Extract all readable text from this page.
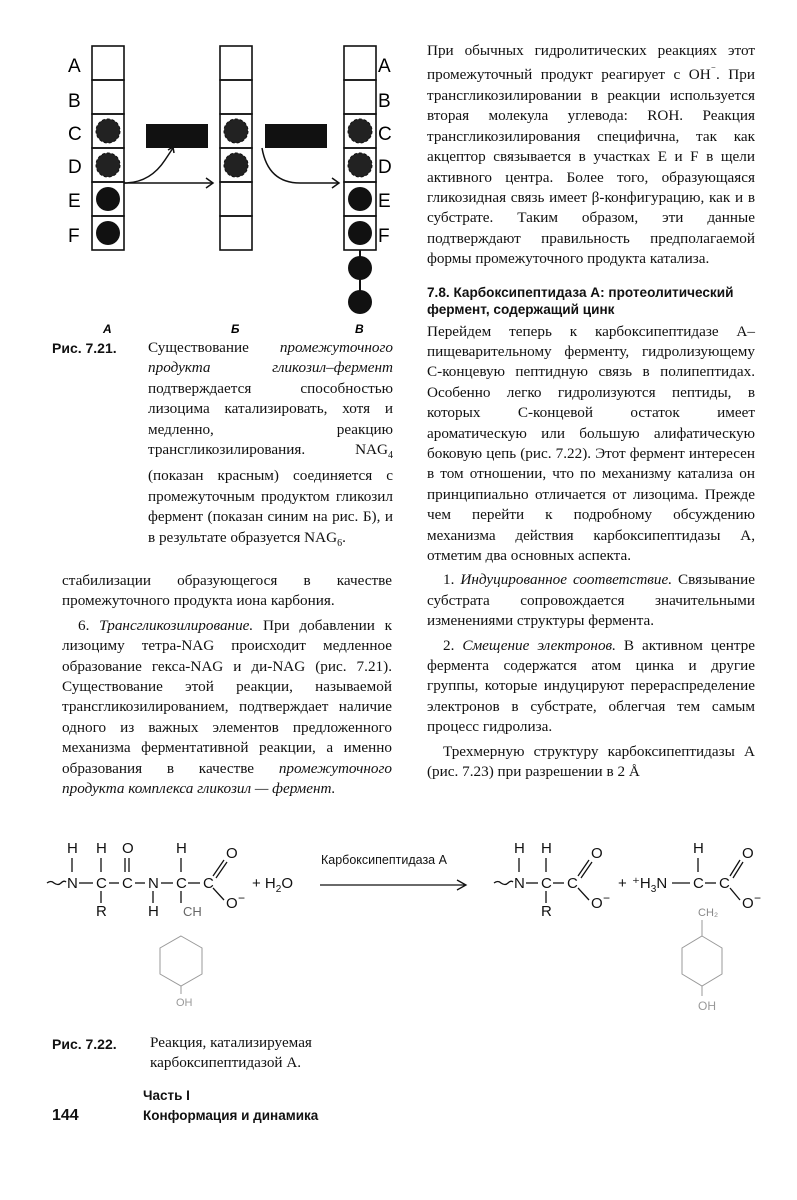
A
B
C
D
E
F
A
B
C
D
E
F
A	Б	В
Рис. 7.21. Существование промежуточного продукта гликозил–фермент подтверждается способностью лизоцима катализировать, хотя и медленно, реакцию трансгликозилирования. $NAG_4$ (показан красным) соединяется с промежуточным продуктом гликозил фермент (показан синим на рис. Б), и в результате образуется $NAG_6$.

стабилизации образующегося в качестве промежуточного продукта иона карбония.

6. Трансгликозилирование. При добавлении к лизоциму тетра-NAG происходит медленное образование гекса-NAG и ди-NAG (рис. 7.21). Существование этой реакции, называемой трансгликозилированием, подтверждает наличие одного из важных элементов предложенного механизма ферментативной реакции, а именно образования в качестве промежуточного продукта комплекса гликозил — фермент.

При обычных гидролитических реакциях этот промежуточный продукт реагирует с OH⁻. При трансгликозилировании в реакции используется вторая молекула углевода: ROH. Реакция трансгликозилирования специфична, так как акцептор связывается в участках E и F в щели активного центра. Более того, образующаяся гликозидная связь имеет β-конфигурацию, как и в субстрате. Таким образом, эти данные подтверждают правильность предполагаемой формы промежуточного продукта катализа.

7.8. Карбоксипептидаза А: протеолитический фермент, содержащий цинк

Перейдем теперь к карбоксипептидазе А–пищеварительному ферменту, гидролизующему С-концевую пептидную связь в полипептидах. Особенно легко гидролизуются пептиды, в которых С-концевой остаток имеет ароматическую или большую алифатическую боковую цепь (рис. 7.22). Этот фермент интересен в том отношении, что по механизму катализа он принципиально отличается от лизоцима. Прежде чем перейти к подробному обсуждению механизма действия карбоксипептидазы А, отметим два основных аспекта.

1. Индуцированное соответствие. Связывание субстрата сопровождается значительными изменениями структуры фермента.

2. Смещение электронов. В активном центре фермента содержатся атом цинка и другие группы, которые индуцируют перераспределение электронов в субстрате, облегчая тем самым процесс гидролиза.

Трехмерную структуру карбоксипептидазы А (рис. 7.23) при разрешении в 2 Å

H H O	H	O
N C C N C C
R	H CH O −
+ $H_2O$
Карбоксипептидаза А
H H	O
N C C
R	O −
+ $^+H_3N$
H
C C
O
O −
CH₂
OH	OH
Рис. 7.22. Реакция, катализируемая карбоксипептидазой А.
144
Часть I
Конформация и динамика
